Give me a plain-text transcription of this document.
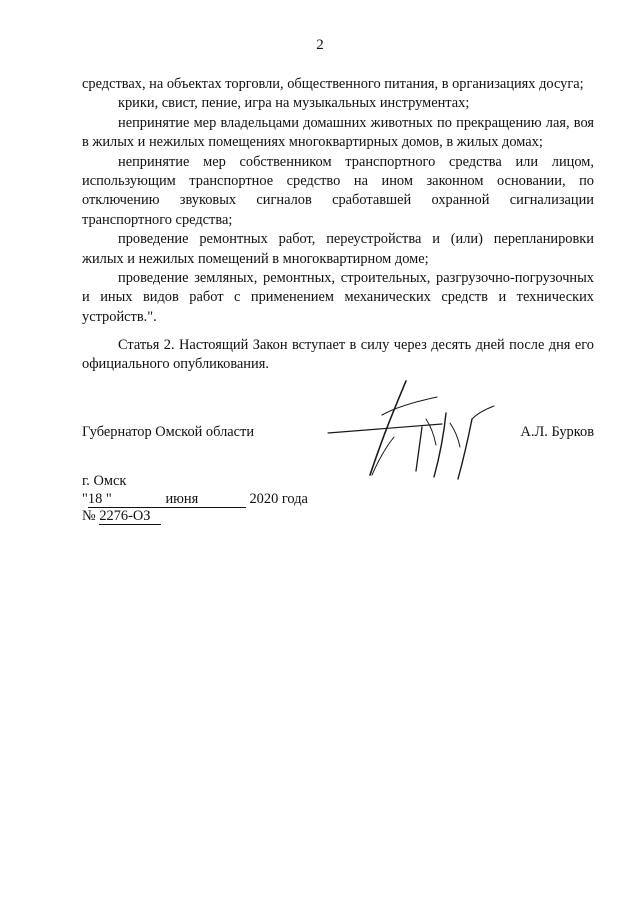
2

средствах, на объектах торговли, общественного питания, в организациях досуга;

крики, свист, пение, игра на музыкальных инструментах;

непринятие мер владельцами домашних животных по прекращению лая, воя в жилых и нежилых помещениях многоквартирных домов, в жилых домах;

непринятие мер собственником транспортного средства или лицом, использующим транспортное средство на ином законном основании, по отключению звуковых сигналов сработавшей охранной сигнализации транспортного средства;

проведение ремонтных работ, переустройства и (или) перепланировки жилых и нежилых помещений в многоквартирном доме;

проведение земляных, ремонтных, строительных, разгрузочно-погрузочных и иных видов работ с применением механических средств и технических устройств.".

Статья 2. Настоящий Закон вступает в силу через десять дней после дня его официального опубликования.

Губернатор Омской области	А.Л. Бурков
г. Омск
"18 "	июня	2020 года
№ 2276-ОЗ
